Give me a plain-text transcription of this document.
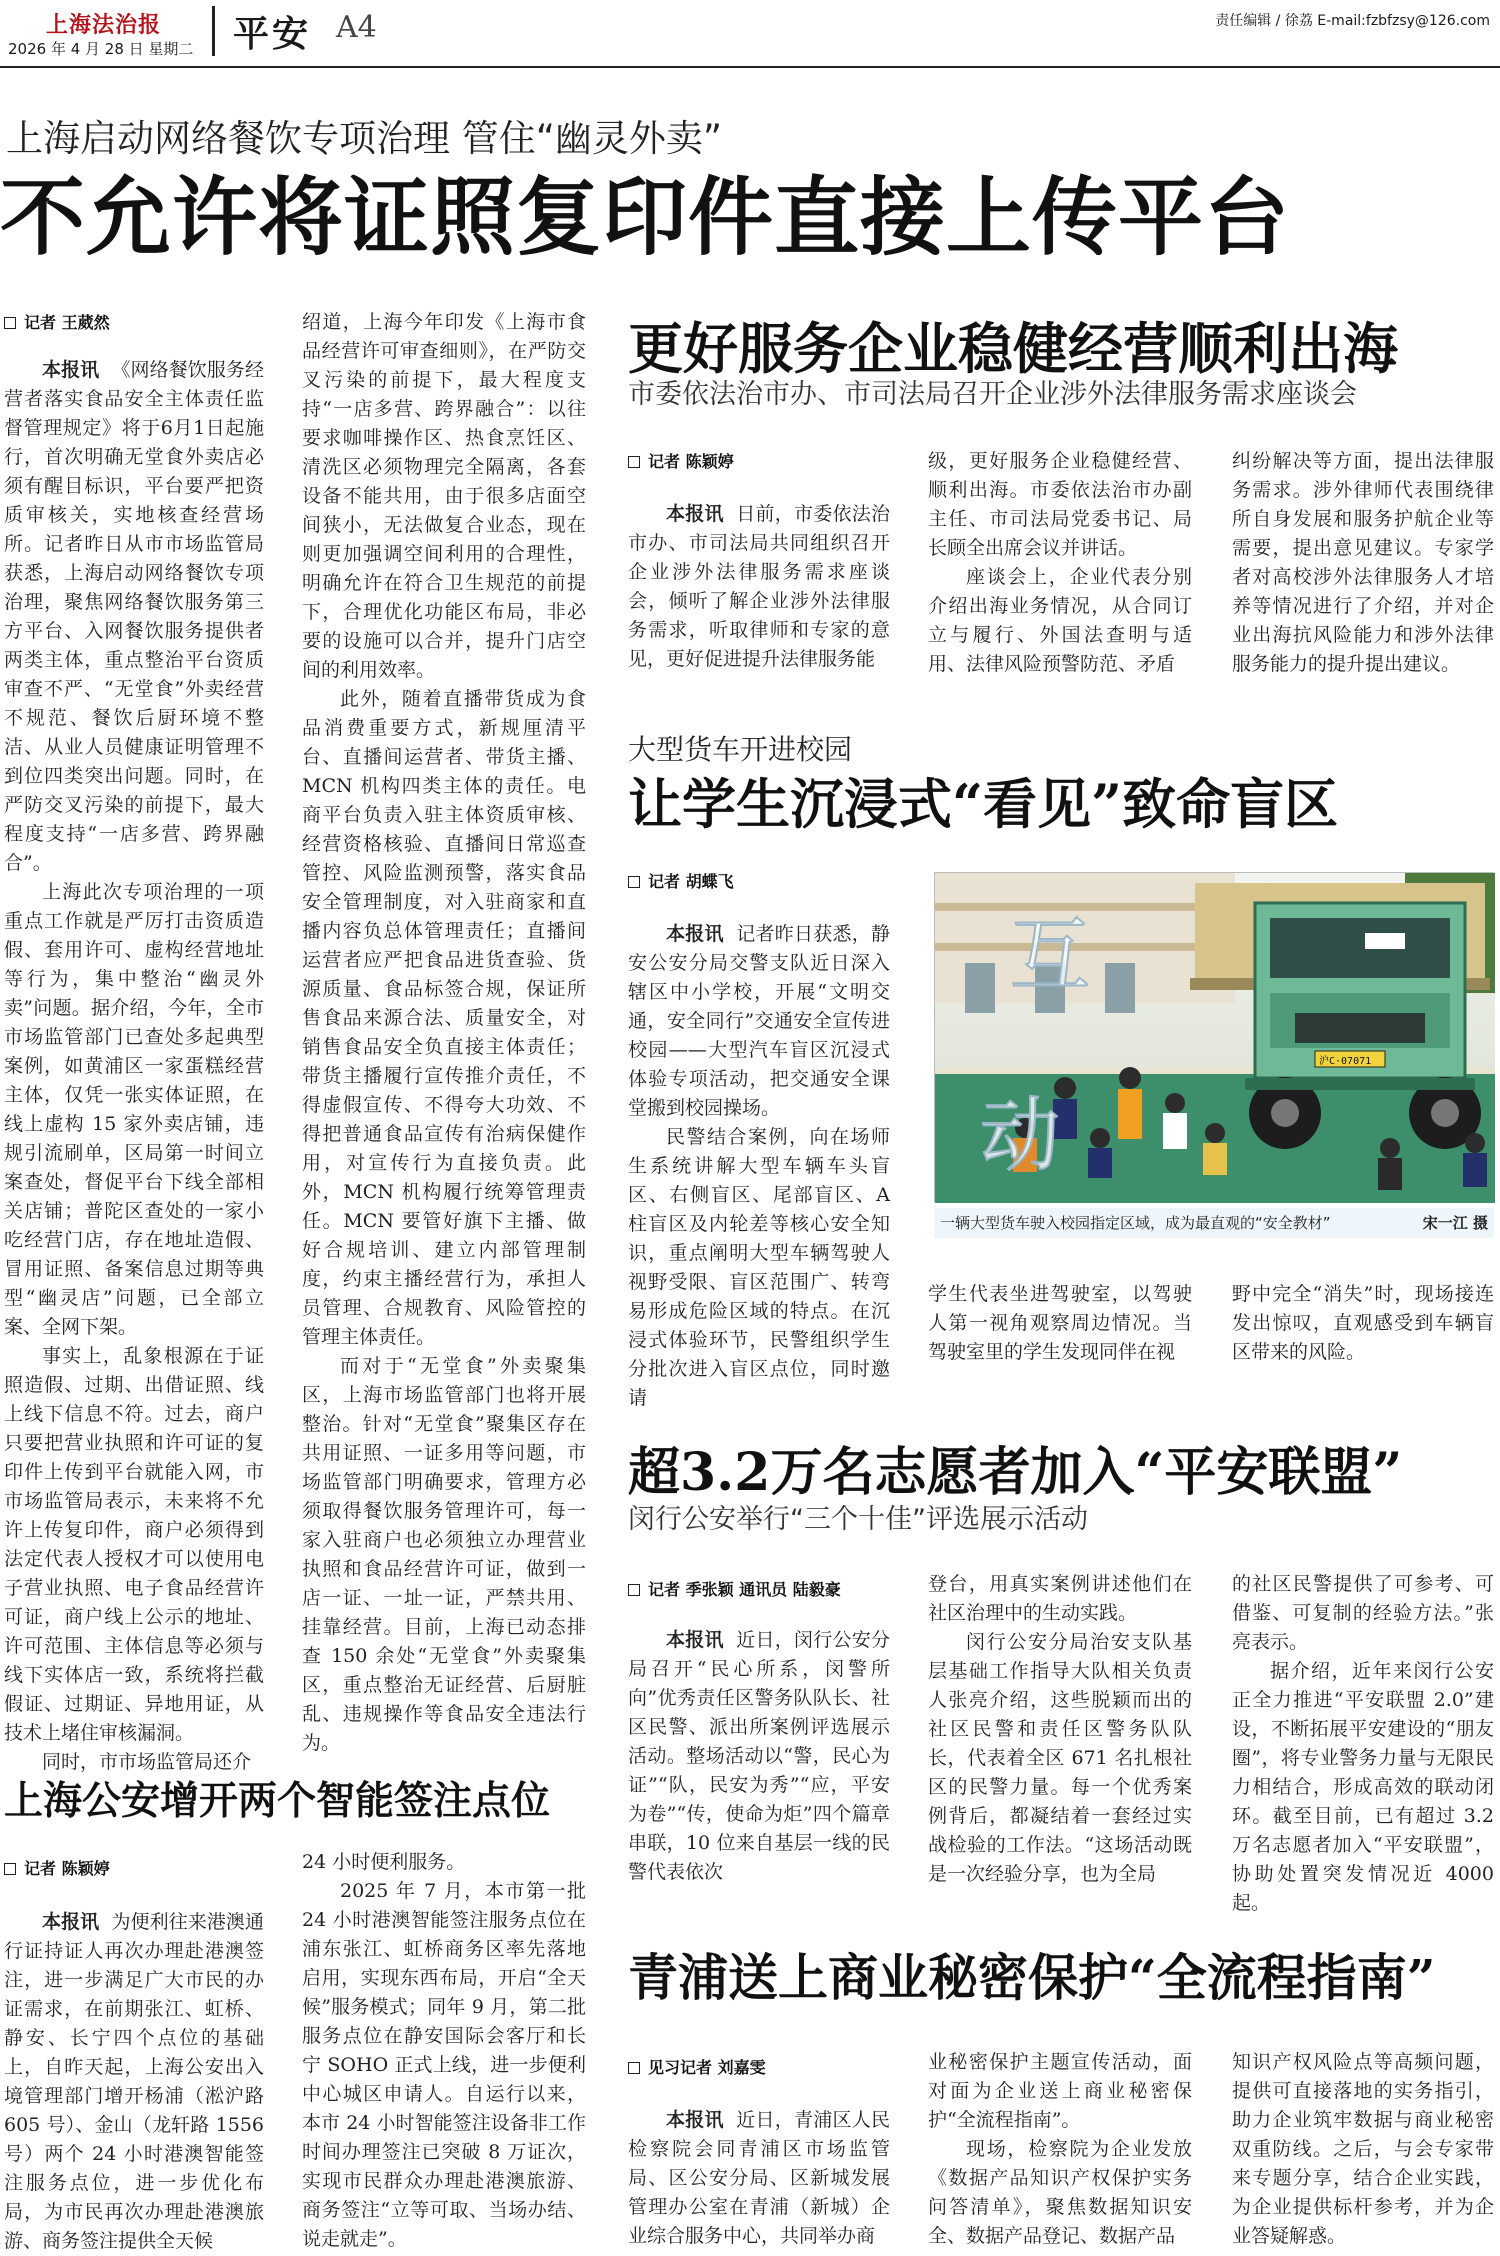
上海法治报
2026 年 4 月 28 日 星期二 平安 A4	责任编辑 / 徐荔 E-mail:fzbfzsy@126.com
上海启动网络餐饮专项治理 管住“幽灵外卖”
不允许将证照复印件直接上传平台
记者 王葳然

本报讯 《网络餐饮服务经营者落实食品安全主体责任监督管理规定》将于6月1日起施行，首次明确无堂食外卖店必须有醒目标识，平台要严把资质审核关，实地核查经营场所。记者昨日从市市场监管局获悉，上海启动网络餐饮专项治理，聚焦网络餐饮服务第三方平台、入网餐饮服务提供者两类主体，重点整治平台资质审查不严、“无堂食”外卖经营不规范、餐饮后厨环境不整洁、从业人员健康证明管理不到位四类突出问题。同时，在严防交叉污染的前提下，最大程度支持“一店多营、跨界融合”。

上海此次专项治理的一项重点工作就是严厉打击资质造假、套用许可、虚构经营地址等行为，集中整治“幽灵外卖”问题。据介绍，今年，全市市场监管部门已查处多起典型案例，如黄浦区一家蛋糕经营主体，仅凭一张实体证照，在线上虚构 15 家外卖店铺，违规引流刷单，区局第一时间立案查处，督促平台下线全部相关店铺；普陀区查处的一家小吃经营门店，存在地址造假、冒用证照、备案信息过期等典型“幽灵店”问题，已全部立案、全网下架。

事实上，乱象根源在于证照造假、过期、出借证照、线上线下信息不符。过去，商户只要把营业执照和许可证的复印件上传到平台就能入网，市市场监管局表示，未来将不允许上传复印件，商户必须得到法定代表人授权才可以使用电子营业执照、电子食品经营许可证，商户线上公示的地址、许可范围、主体信息等必须与线下实体店一致，系统将拦截假证、过期证、异地用证，从技术上堵住审核漏洞。

同时，市市场监管局还介

绍道，上海今年印发《上海市食品经营许可审查细则》，在严防交叉污染的前提下，最大程度支持“一店多营、跨界融合”：以往要求咖啡操作区、热食烹饪区、清洗区必须物理完全隔离，各套设备不能共用，由于很多店面空间狭小，无法做复合业态，现在则更加强调空间利用的合理性，明确允许在符合卫生规范的前提下，合理优化功能区布局，非必要的设施可以合并，提升门店空间的利用效率。

此外，随着直播带货成为食品消费重要方式，新规厘清平台、直播间运营者、带货主播、MCN 机构四类主体的责任。电商平台负责入驻主体资质审核、经营资格核验、直播间日常巡查管控、风险监测预警，落实食品安全管理制度，对入驻商家和直播内容负总体管理责任；直播间运营者应严把食品进货查验、货源质量、食品标签合规，保证所售食品来源合法、质量安全，对销售食品安全负直接主体责任；带货主播履行宣传推介责任，不得虚假宣传、不得夸大功效、不得把普通食品宣传有治病保健作用，对宣传行为直接负责。此外，MCN 机构履行统筹管理责任。MCN 要管好旗下主播、做好合规培训、建立内部管理制度，约束主播经营行为，承担人员管理、合规教育、风险管控的管理主体责任。

而对于“无堂食”外卖聚集区，上海市场监管部门也将开展整治。针对“无堂食”聚集区存在共用证照、一证多用等问题，市场监管部门明确要求，管理方必须取得餐饮服务管理许可，每一家入驻商户也必须独立办理营业执照和食品经营许可证，做到一店一证、一址一证，严禁共用、挂靠经营。目前，上海已动态排查 150 余处“无堂食”外卖聚集区，重点整治无证经营、后厨脏乱、违规操作等食品安全违法行为。

更好服务企业稳健经营顺利出海
市委依法治市办、市司法局召开企业涉外法律服务需求座谈会
记者 陈颖婷

本报讯 日前，市委依法治市办、市司法局共同组织召开企业涉外法律服务需求座谈会，倾听了解企业涉外法律服务需求，听取律师和专家的意见，更好促进提升法律服务能

级，更好服务企业稳健经营、顺利出海。市委依法治市办副主任、市司法局党委书记、局长顾全出席会议并讲话。

座谈会上，企业代表分别介绍出海业务情况，从合同订立与履行、外国法查明与适用、法律风险预警防范、矛盾

纠纷解决等方面，提出法律服务需求。涉外律师代表围绕律所自身发展和服务护航企业等需要，提出意见建议。专家学者对高校涉外法律服务人才培养等情况进行了介绍，并对企业出海抗风险能力和涉外法律服务能力的提升提出建议。

大型货车开进校园
让学生沉浸式“看见”致命盲区
记者 胡蝶飞

本报讯 记者昨日获悉，静安公安分局交警支队近日深入辖区中小学校，开展“文明交通，安全同行”交通安全宣传进校园——大型汽车盲区沉浸式体验专项活动，把交通安全课堂搬到校园操场。

民警结合案例，向在场师生系统讲解大型车辆车头盲区、右侧盲区、尾部盲区、A 柱盲区及内轮差等核心安全知识，重点阐明大型车辆驾驶人视野受限、盲区范围广、转弯易形成危险区域的特点。在沉浸式体验环节，民警组织学生分批次进入盲区点位，同时邀请

互
动
沪C·07071
宋一江 摄
一辆大型货车驶入校园指定区域，成为最直观的“安全教材”

学生代表坐进驾驶室，以驾驶人第一视角观察周边情况。当驾驶室里的学生发现同伴在视

野中完全“消失”时，现场接连发出惊叹，直观感受到车辆盲区带来的风险。

超3.2万名志愿者加入“平安联盟”
闵行公安举行“三个十佳”评选展示活动
记者 季张颖 通讯员 陆毅豪

本报讯 近日，闵行公安分局召开“民心所系，闵警所向”优秀责任区警务队队长、社区民警、派出所案例评选展示活动。整场活动以“警，民心为证”“队，民安为秀”“应，平安为卷”“传，使命为炬”四个篇章串联，10 位来自基层一线的民警代表依次

登台，用真实案例讲述他们在社区治理中的生动实践。

闵行公安分局治安支队基层基础工作指导大队相关负责人张亮介绍，这些脱颖而出的社区民警和责任区警务队队长，代表着全区 671 名扎根社区的民警力量。每一个优秀案例背后，都凝结着一套经过实战检验的工作法。“这场活动既是一次经验分享，也为全局

的社区民警提供了可参考、可借鉴、可复制的经验方法。”张亮表示。

据介绍，近年来闵行公安正全力推进“平安联盟 2.0”建设，不断拓展平安建设的“朋友圈”，将专业警务力量与无限民力相结合，形成高效的联动闭环。截至目前，已有超过 3.2 万名志愿者加入“平安联盟”，协助处置突发情况近 4000 起。

上海公安增开两个智能签注点位
记者 陈颖婷

本报讯 为便利往来港澳通行证持证人再次办理赴港澳签注，进一步满足广大市民的办证需求，在前期张江、虹桥、静安、长宁四个点位的基础上，自昨天起，上海公安出入境管理部门增开杨浦（淞沪路 605 号）、金山（龙轩路 1556 号）两个 24 小时港澳智能签注服务点位，进一步优化布局，为市民再次办理赴港澳旅游、商务签注提供全天候

24 小时便利服务。

2025 年 7 月，本市第一批 24 小时港澳智能签注服务点位在浦东张江、虹桥商务区率先落地启用，实现东西布局，开启“全天候”服务模式；同年 9 月，第二批服务点位在静安国际会客厅和长宁 SOHO 正式上线，进一步便利中心城区申请人。自运行以来，本市 24 小时智能签注设备非工作时间办理签注已突破 8 万证次，实现市民群众办理赴港澳旅游、商务签注“立等可取、当场办结、说走就走”。

青浦送上商业秘密保护“全流程指南”
见习记者 刘嘉雯

本报讯 近日，青浦区人民检察院会同青浦区市场监管局、区公安分局、区新城发展管理办公室在青浦（新城）企业综合服务中心，共同举办商

业秘密保护主题宣传活动，面对面为企业送上商业秘密保护“全流程指南”。

现场，检察院为企业发放《数据产品知识产权保护实务问答清单》，聚焦数据知识安全、数据产品登记、数据产品

知识产权风险点等高频问题，提供可直接落地的实务指引，助力企业筑牢数据与商业秘密双重防线。之后，与会专家带来专题分享，结合企业实践，为企业提供标杆参考，并为企业答疑解惑。
